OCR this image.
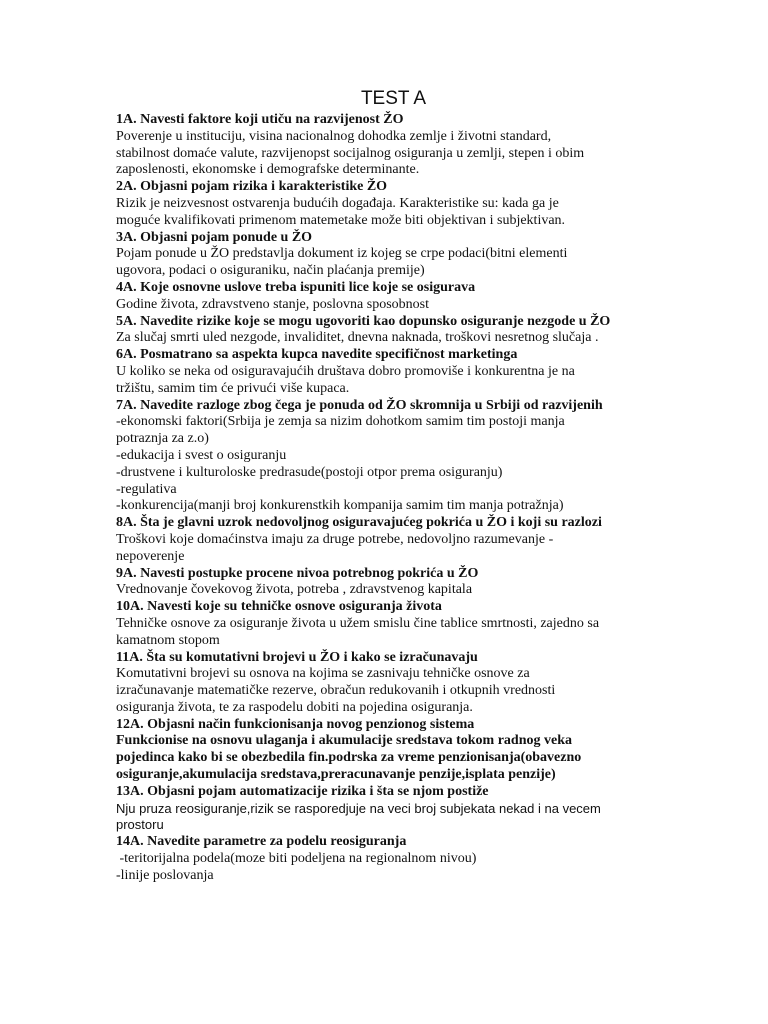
TEST A
1A. Navesti faktore koji utiču na razvijenost ŽO
Poverenje u instituciju, visina nacionalnog dohodka zemlje i životni standard,
stabilnost domaće valute, razvijenopst socijalnog osiguranja u zemlji, stepen i obim
zaposlenosti, ekonomske i demografske determinante.
2A. Objasni pojam rizika i karakteristike ŽO
Rizik je neizvesnost ostvarenja budućih događaja. Karakteristike su: kada ga je
moguće kvalifikovati primenom matemetake može biti objektivan i subjektivan.
3A. Objasni pojam ponude u ŽO
Pojam ponude u ŽO predstavlja dokument iz kojeg se crpe podaci(bitni elementi
ugovora, podaci o osiguraniku, način plaćanja premije)
4A. Koje osnovne uslove treba ispuniti lice koje se osigurava
Godine života, zdravstveno stanje, poslovna sposobnost
5A. Navedite rizike koje se mogu ugovoriti kao dopunsko osiguranje nezgode u ŽO
Za slučaj smrti uled nezgode, invaliditet, dnevna naknada, troškovi nesretnog slučaja .
6A. Posmatrano sa aspekta kupca navedite specifičnost marketinga
U koliko se neka od osiguravajućih društava dobro promoviše i konkurentna je na
tržištu, samim tim će privući više kupaca.
7A. Navedite razloge zbog čega je ponuda od ŽO skromnija u Srbiji od razvijenih
-ekonomski faktori(Srbija je zemja sa nizim dohotkom samim tim postoji manja
potraznja za z.o)
-edukacija i svest o osiguranju
-drustvene i kulturoloske predrasude(postoji otpor prema osiguranju)
-regulativa
-konkurencija(manji broj konkurenstkih kompanija samim tim manja potražnja)
8A. Šta je glavni uzrok nedovoljnog osiguravajućeg pokrića u ŽO i koji su razlozi
Troškovi koje domaćinstva imaju za druge potrebe, nedovoljno razumevanje -
nepoverenje
9A. Navesti postupke procene nivoa potrebnog pokrića u ŽO
Vrednovanje čovekovog života, potreba , zdravstvenog kapitala
10A. Navesti koje su tehničke osnove osiguranja života
Tehničke osnove za osiguranje života u užem smislu čine tablice smrtnosti, zajedno sa
kamatnom stopom
11A. Šta su komutativni brojevi u ŽO i kako se izračunavaju
Komutativni brojevi su osnova na kojima se zasnivaju tehničke osnove za
izračunavanje matematičke rezerve, obračun redukovanih i otkupnih vrednosti
osiguranja života, te za raspodelu dobiti na pojedina osiguranja.
12A. Objasni način funkcionisanja novog penzionog sistema
Funkcionise na osnovu ulaganja i akumulacije sredstava tokom radnog veka
pojedinca kako bi se obezbedila fin.podrska za vreme penzionisanja(obavezno
osiguranje,akumulacija sredstava,preracunavanje penzije,isplata penzije)
13A. Objasni pojam automatizacije rizika i šta se njom postiže
Nju pruza reosiguranje,rizik se rasporedjuje na veci broj subjekata nekad i na vecem
prostoru
14A. Navedite parametre za podelu reosiguranja
-teritorijalna podela(moze biti podeljena na regionalnom nivou)
-linije poslovanja
